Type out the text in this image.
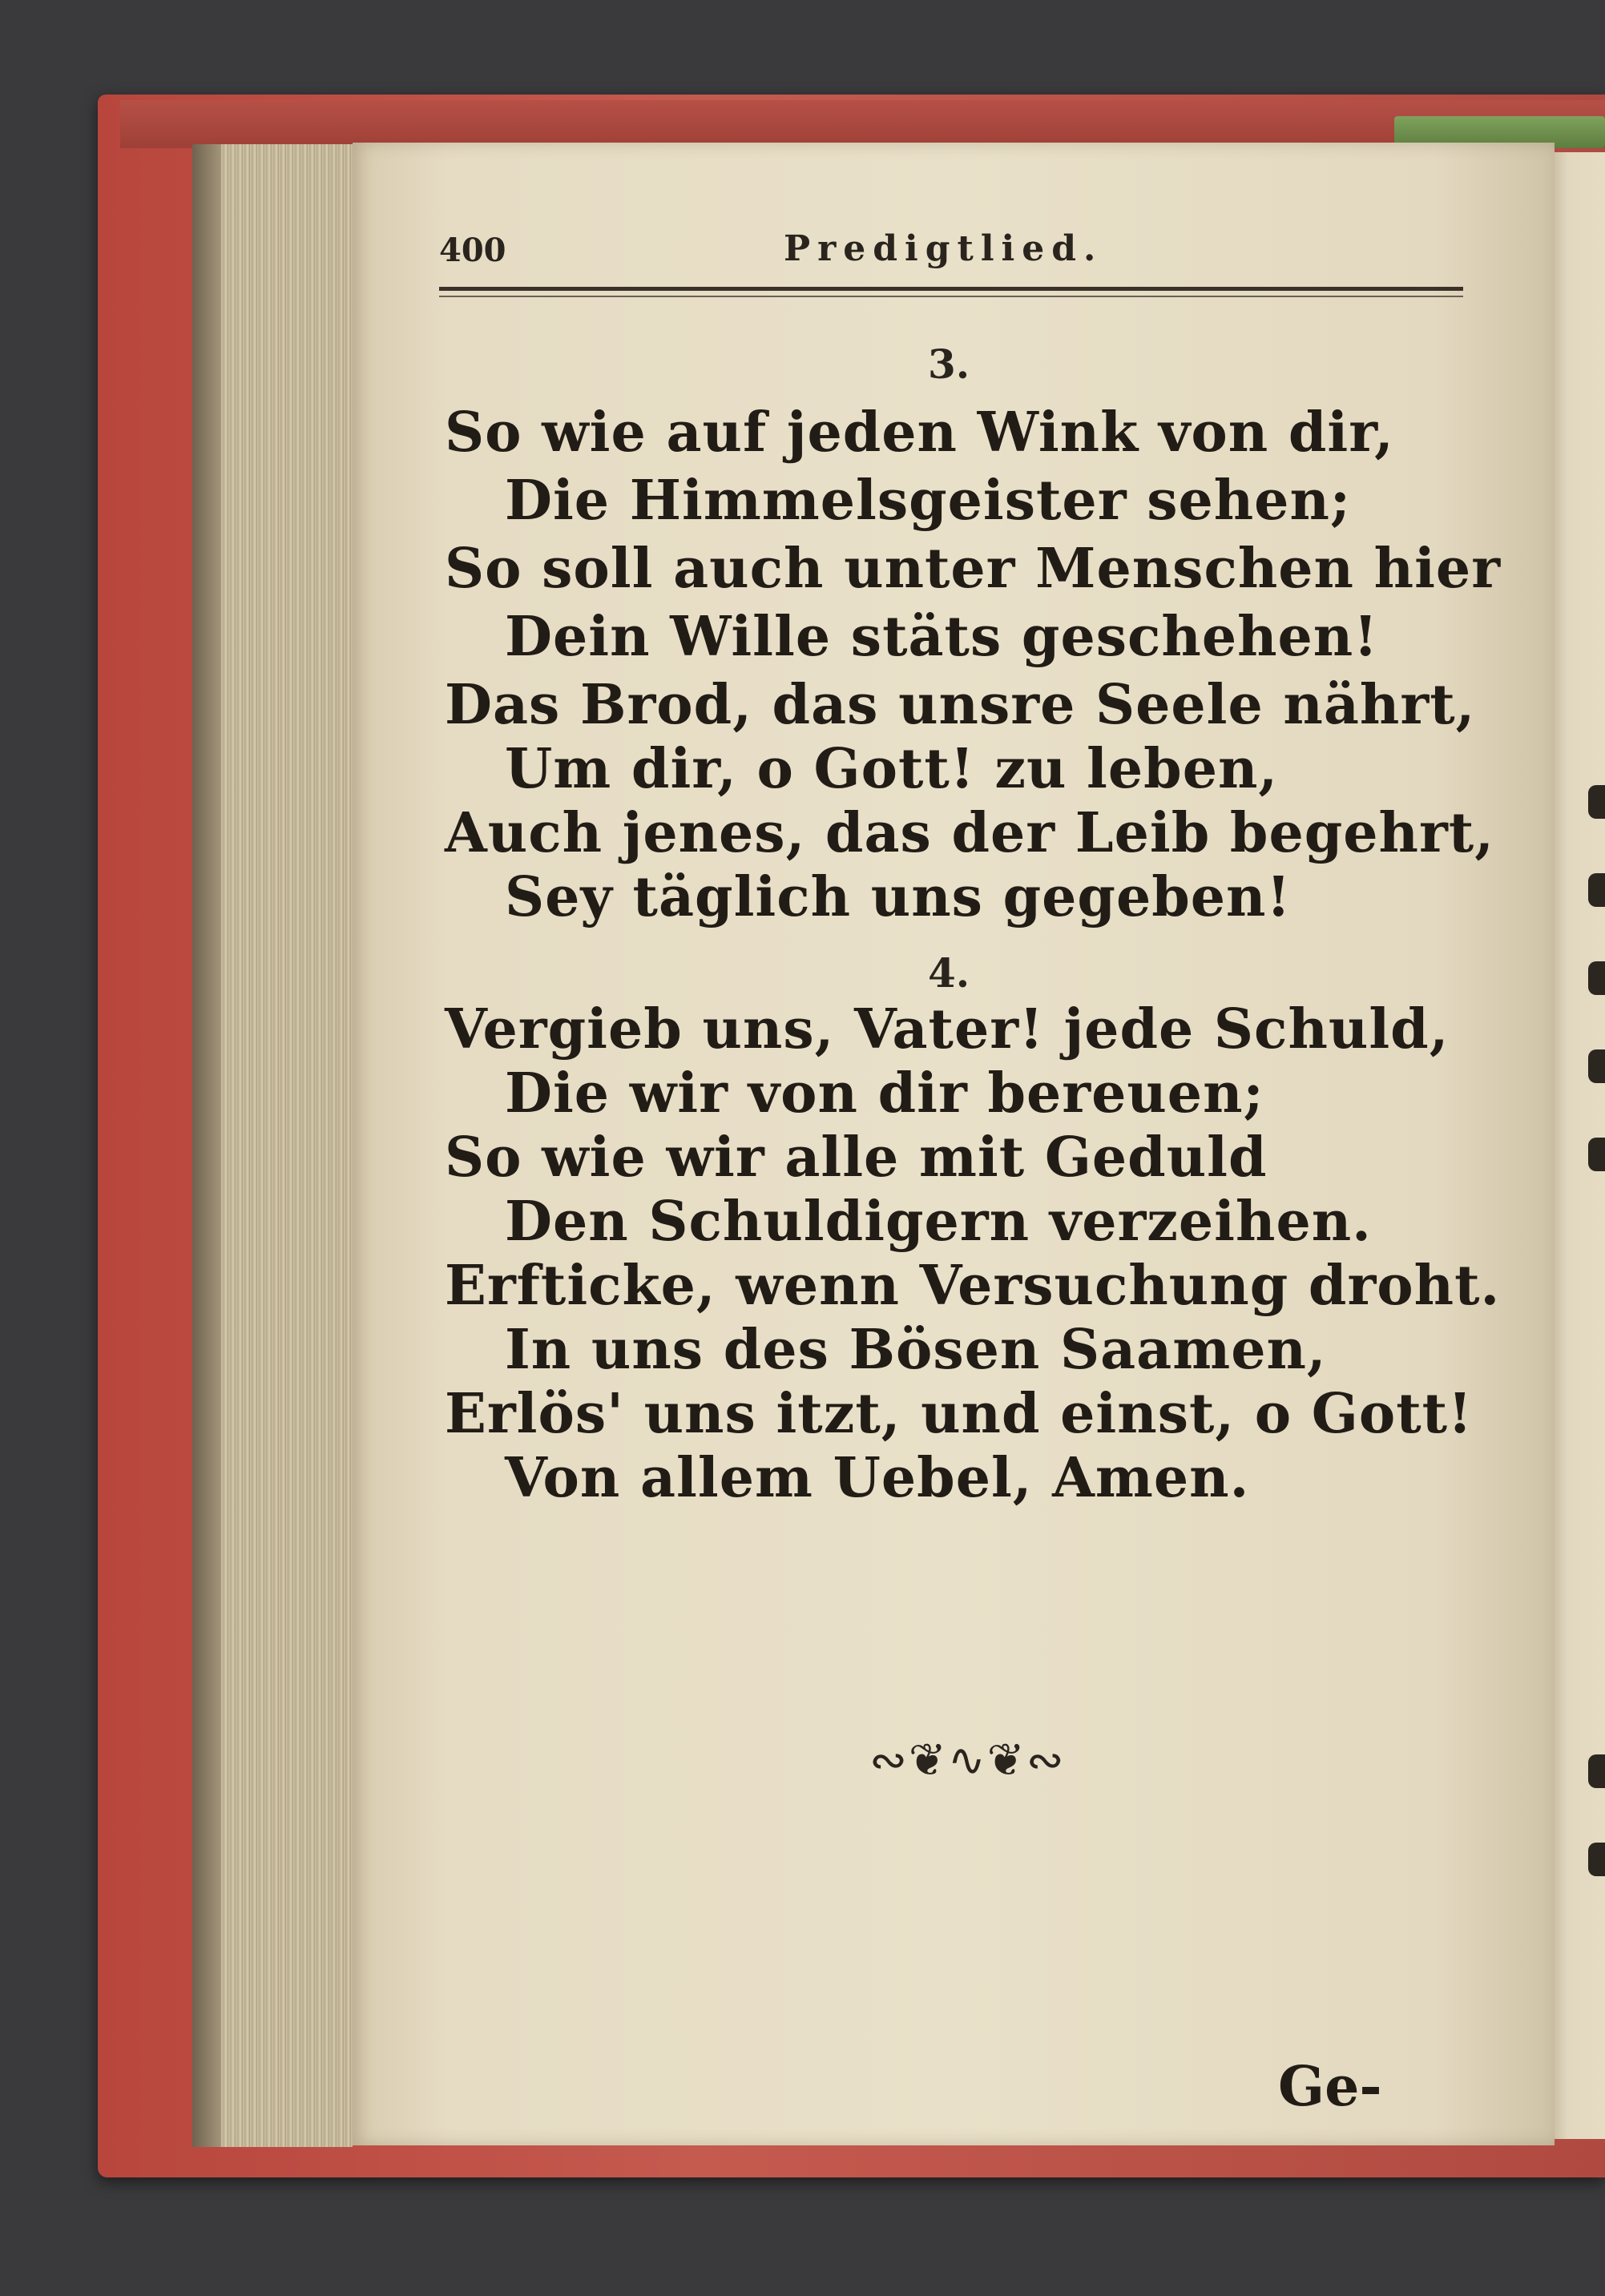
400	Predigtlied.
3.
So wie auf jeden Wink von dir,
Die Himmelsgeister sehen;
So soll auch unter Menschen hier
Dein Wille stäts geschehen!
Das Brod, das unsre Seele nährt,
Um dir, o Gott! zu leben,
Auch jenes, das der Leib begehrt,
Sey täglich uns gegeben!
4.
Vergieb uns, Vater! jede Schuld,
Die wir von dir bereuen;
So wie wir alle mit Geduld
Den Schuldigern verzeihen.
Erfticke, wenn Versuchung droht.
In uns des Bösen Saamen,
Erlös' uns itzt, und einst, o Gott!
Von allem Uebel, Amen.
∾❦∿❦∾
Ge-
